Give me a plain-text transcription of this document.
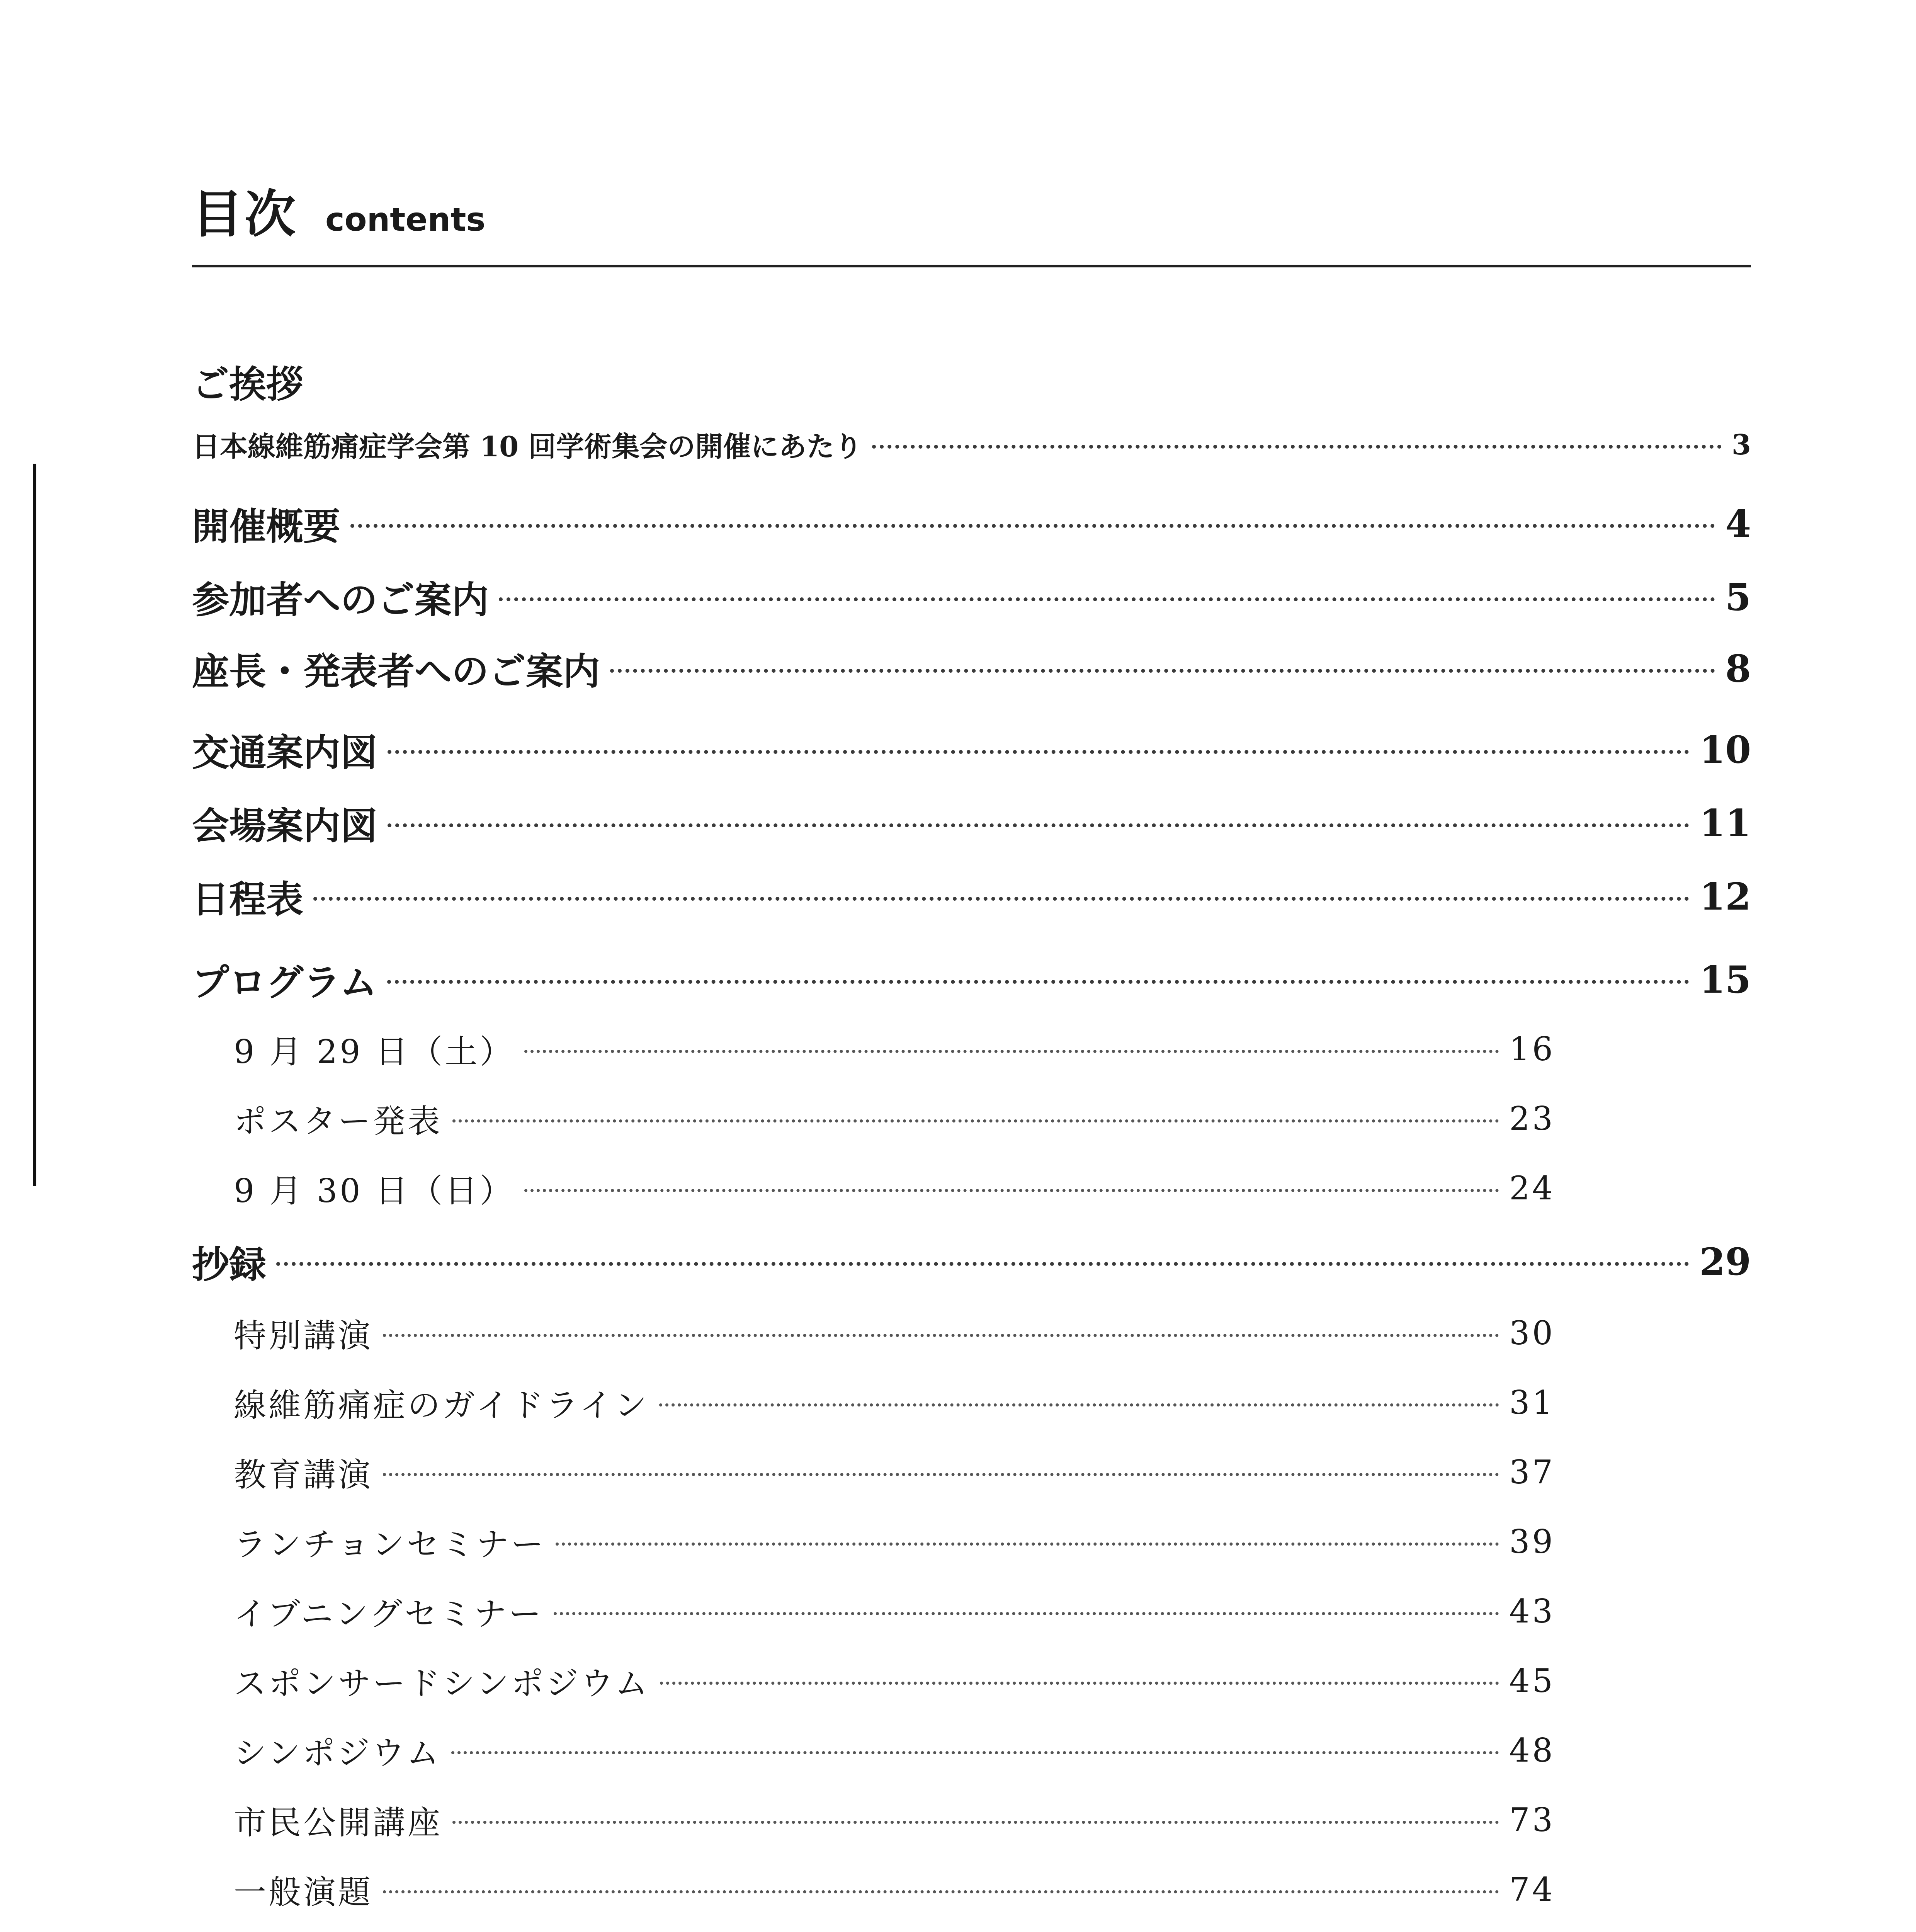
目次 contents
ご挨拶
日本線維筋痛症学会第 10 回学術集会の開催にあたり	3
開催概要	4
参加者へのご案内	5
座長・発表者へのご案内	8
交通案内図	10
会場案内図	11
日程表	12
プログラム	15
9 月 29 日（土）	16
ポスター発表	23
9 月 30 日（日）	24
抄録	29
特別講演	30
線維筋痛症のガイドライン	31
教育講演	37
ランチョンセミナー	39
イブニングセミナー	43
スポンサードシンポジウム	45
シンポジウム	48
市民公開講座	73
一般演題	74
